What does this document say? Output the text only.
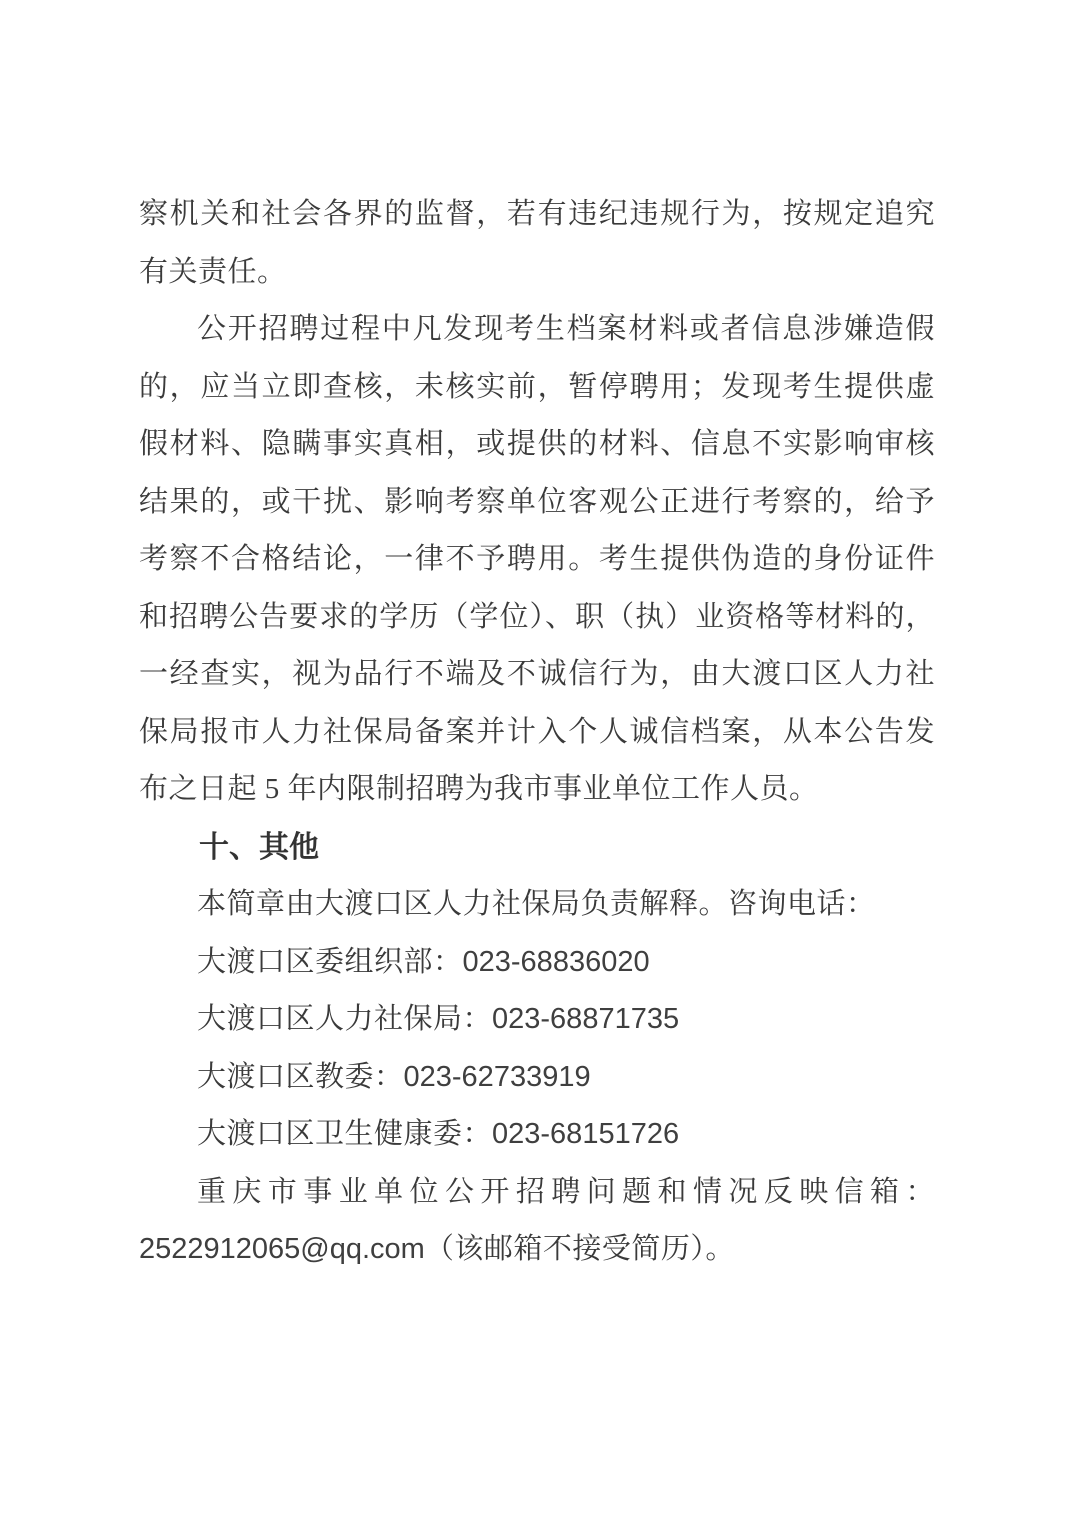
察机关和社会各界的监督，若有违纪违规行为，按规定追究有关责任。

公开招聘过程中凡发现考生档案材料或者信息涉嫌造假的，应当立即查核，未核实前，暂停聘用；发现考生提供虚假材料、隐瞒事实真相，或提供的材料、信息不实影响审核结果的，或干扰、影响考察单位客观公正进行考察的，给予考察不合格结论，一律不予聘用。考生提供伪造的身份证件和招聘公告要求的学历（学位）、职（执）业资格等材料的，一经查实，视为品行不端及不诚信行为，由大渡口区人力社保局报市人力社保局备案并计入个人诚信档案，从本公告发布之日起 5 年内限制招聘为我市事业单位工作人员。

十、其他

本简章由大渡口区人力社保局负责解释。咨询电话：

大渡口区委组织部：023-68836020

大渡口区人力社保局：023-68871735

大渡口区教委：023-62733919

大渡口区卫生健康委：023-68151726

重庆市事业单位公开招聘问题和情况反映信箱：2522912065@qq.com（该邮箱不接受简历）。
